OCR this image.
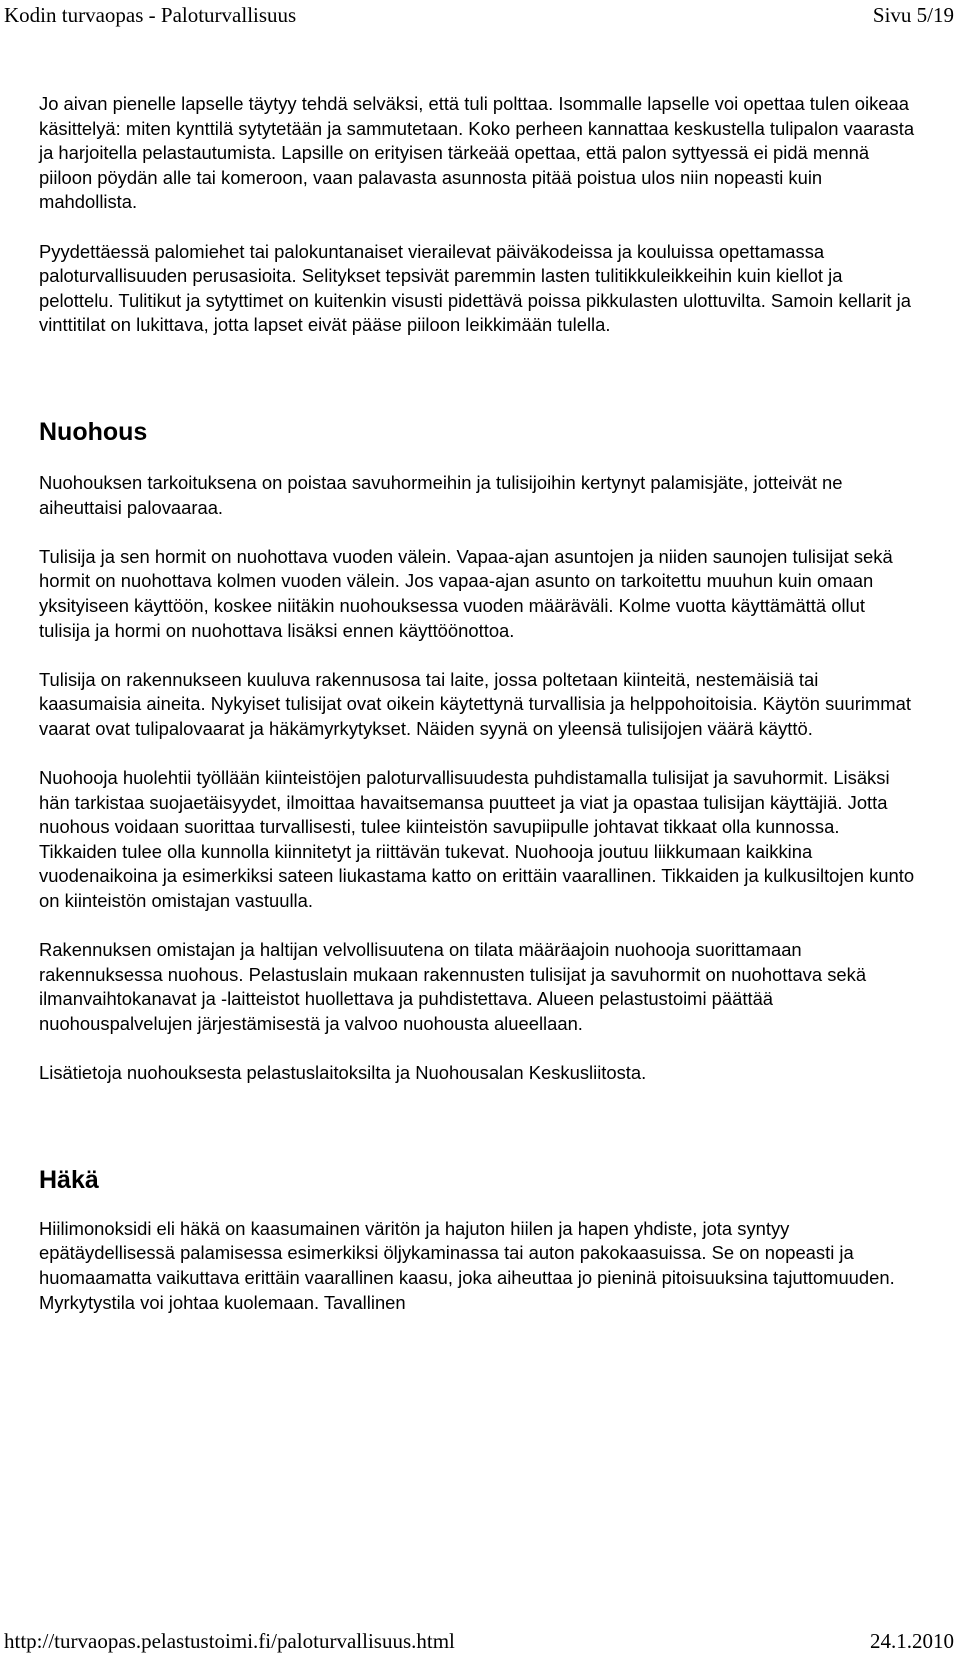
Kodin turvaopas - Paloturvallisuus	Sivu 5/19

Jo aivan pienelle lapselle täytyy tehdä selväksi, että tuli polttaa. Isommalle lapselle voi opettaa tulen oikeaa käsittelyä: miten kynttilä sytytetään ja sammutetaan. Koko perheen kannattaa keskustella tulipalon vaarasta ja harjoitella pelastautumista. Lapsille on erityisen tärkeää opettaa, että palon syttyessä ei pidä mennä piiloon pöydän alle tai komeroon, vaan palavasta asunnosta pitää poistua ulos niin nopeasti kuin mahdollista.

Pyydettäessä palomiehet tai palokuntanaiset vierailevat päiväkodeissa ja kouluissa opettamassa paloturvallisuuden perusasioita. Selitykset tepsivät paremmin lasten tulitikkuleikkeihin kuin kiellot ja pelottelu. Tulitikut ja sytyttimet on kuitenkin visusti pidettävä poissa pikkulasten ulottuvilta. Samoin kellarit ja vinttitilat on lukittava, jotta lapset eivät pääse piiloon leikkimään tulella.

Nuohous

Nuohouksen tarkoituksena on poistaa savuhormeihin ja tulisijoihin kertynyt palamisjäte, jotteivät ne aiheuttaisi palovaaraa.

Tulisija ja sen hormit on nuohottava vuoden välein. Vapaa-ajan asuntojen ja niiden saunojen tulisijat sekä hormit on nuohottava kolmen vuoden välein. Jos vapaa-ajan asunto on tarkoitettu muuhun kuin omaan yksityiseen käyttöön, koskee niitäkin nuohouksessa vuoden määräväli. Kolme vuotta käyttämättä ollut tulisija ja hormi on nuohottava lisäksi ennen käyttöönottoa.

Tulisija on rakennukseen kuuluva rakennusosa tai laite, jossa poltetaan kiinteitä, nestemäisiä tai kaasumaisia aineita. Nykyiset tulisijat ovat oikein käytettynä turvallisia ja helppohoitoisia. Käytön suurimmat vaarat ovat tulipalovaarat ja häkämyrkytykset. Näiden syynä on yleensä tulisijojen väärä käyttö.

Nuohooja huolehtii työllään kiinteistöjen paloturvallisuudesta puhdistamalla tulisijat ja savuhormit. Lisäksi hän tarkistaa suojaetäisyydet, ilmoittaa havaitsemansa puutteet ja viat ja opastaa tulisijan käyttäjiä. Jotta nuohous voidaan suorittaa turvallisesti, tulee kiinteistön savupiipulle johtavat tikkaat olla kunnossa. Tikkaiden tulee olla kunnolla kiinnitetyt ja riittävän tukevat. Nuohooja joutuu liikkumaan kaikkina vuodenaikoina ja esimerkiksi sateen liukastama katto on erittäin vaarallinen. Tikkaiden ja kulkusiltojen kunto on kiinteistön omistajan vastuulla.

Rakennuksen omistajan ja haltijan velvollisuutena on tilata määräajoin nuohooja suorittamaan rakennuksessa nuohous. Pelastuslain mukaan rakennusten tulisijat ja savuhormit on nuohottava sekä ilmanvaihtokanavat ja -laitteistot huollettava ja puhdistettava. Alueen pelastustoimi päättää nuohouspalvelujen järjestämisestä ja valvoo nuohousta alueellaan.

Lisätietoja nuohouksesta pelastuslaitoksilta ja Nuohousalan Keskusliitosta.

Häkä

Hiilimonoksidi eli häkä on kaasumainen väritön ja hajuton hiilen ja hapen yhdiste, jota syntyy epätäydellisessä palamisessa esimerkiksi öljykaminassa tai auton pakokaasuissa. Se on nopeasti ja huomaamatta vaikuttava erittäin vaarallinen kaasu, joka aiheuttaa jo pieninä pitoisuuksina tajuttomuuden. Myrkytystila voi johtaa kuolemaan. Tavallinen

http://turvaopas.pelastustoimi.fi/paloturvallisuus.html	24.1.2010
